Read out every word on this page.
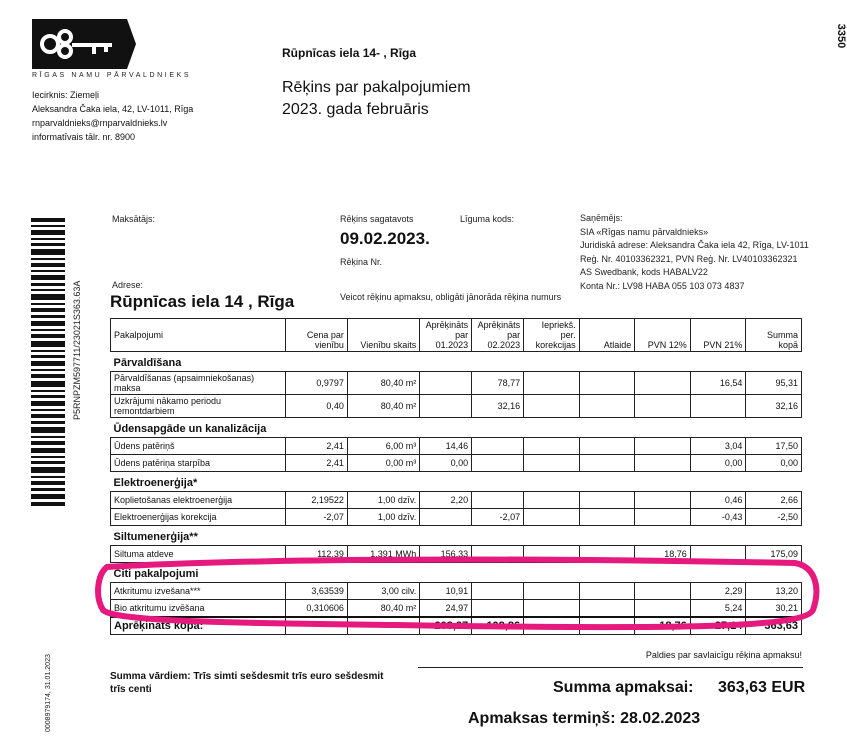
RĪGAS NAMU PĀRVALDNIEKS
Iecirknis: Ziemeļi
Aleksandra Čaka iela, 42, LV-1011, Rīga
rnparvaldnieks@rnparvaldnieks.lv
informatīvais tālr. nr. 8900
Rūpnīcas iela 14- , Rīga
Rēķins par pakalpojumiem
2023. gada februāris
3350
P5RNPZM597711/23021S363.63A
0008979174, 31.01.2023
Maksātājs:
Adrese:
Rūpnīcas iela 14 , Rīga
Rēķins sagatavots
09.02.2023.
Rēķina Nr.
Līguma kods:
Veicot rēķinu apmaksu, obligāti jānorāda rēķina numurs
Saņēmējs:
SIA «Rīgas namu pārvaldnieks»
Juridiskā adrese: Aleksandra Čaka iela 42, Rīga, LV-1011
Reģ. Nr. 40103362321, PVN Reģ. Nr. LV40103362321
AS Swedbank, kods HABALV22
Konta Nr.: LV98 HABA 055 103 073 4837
Pakalpojumi	Cena par vienību	Vienību skaits	Aprēķināts par 01.2023	Aprēķināts par 02.2023	Iepriekš. per. korekcijas	Atlaide	PVN 12%	PVN 21%	Summa kopā
Pārvaldīšana									
Pārvaldīšanas (apsaimniekošanas) maksa	0,9797	80,40 m²		78,77				16,54	95,31
Uzkrājumi nākamo periodu remontdarbiem	0,40	80,40 m²		32,16					32,16
Ūdensapgāde un kanalizācija									
Ūdens patēriņš	2,41	6,00 m³	14,46					3,04	17,50
Ūdens patēriņa starpība	2,41	0,00 m³	0,00					0,00	0,00
Elektroenerģija*									
Koplietošanas elektroenerģija	2,19522	1,00 dzīv.	2,20					0,46	2,66
Elektroenerģijas korekcija	-2,07	1,00 dzīv.		-2,07				-0,43	-2,50
Siltumenerģija**									
Siltuma atdeve	112,39	1,391 MWh	156,33				18,76		175,09
Citi pakalpojumi									
Atkritumu izvešana***	3,63539	3,00 cilv.	10,91					2,29	13,20
Bio atkritumu izvēšana	0,310606	80,40 m²	24,97					5,24	30,21
Aprēķināts kopā:			208,87	108,86			18,76	27,14	363,63
Paldies par savlaicīgu rēķina apmaksu!
Summa vārdiem: Trīs simti sešdesmit trīs euro sešdesmit trīs centi	Summa apmaksai: 363,63 EUR
Apmaksas termiņš: 28.02.2023
